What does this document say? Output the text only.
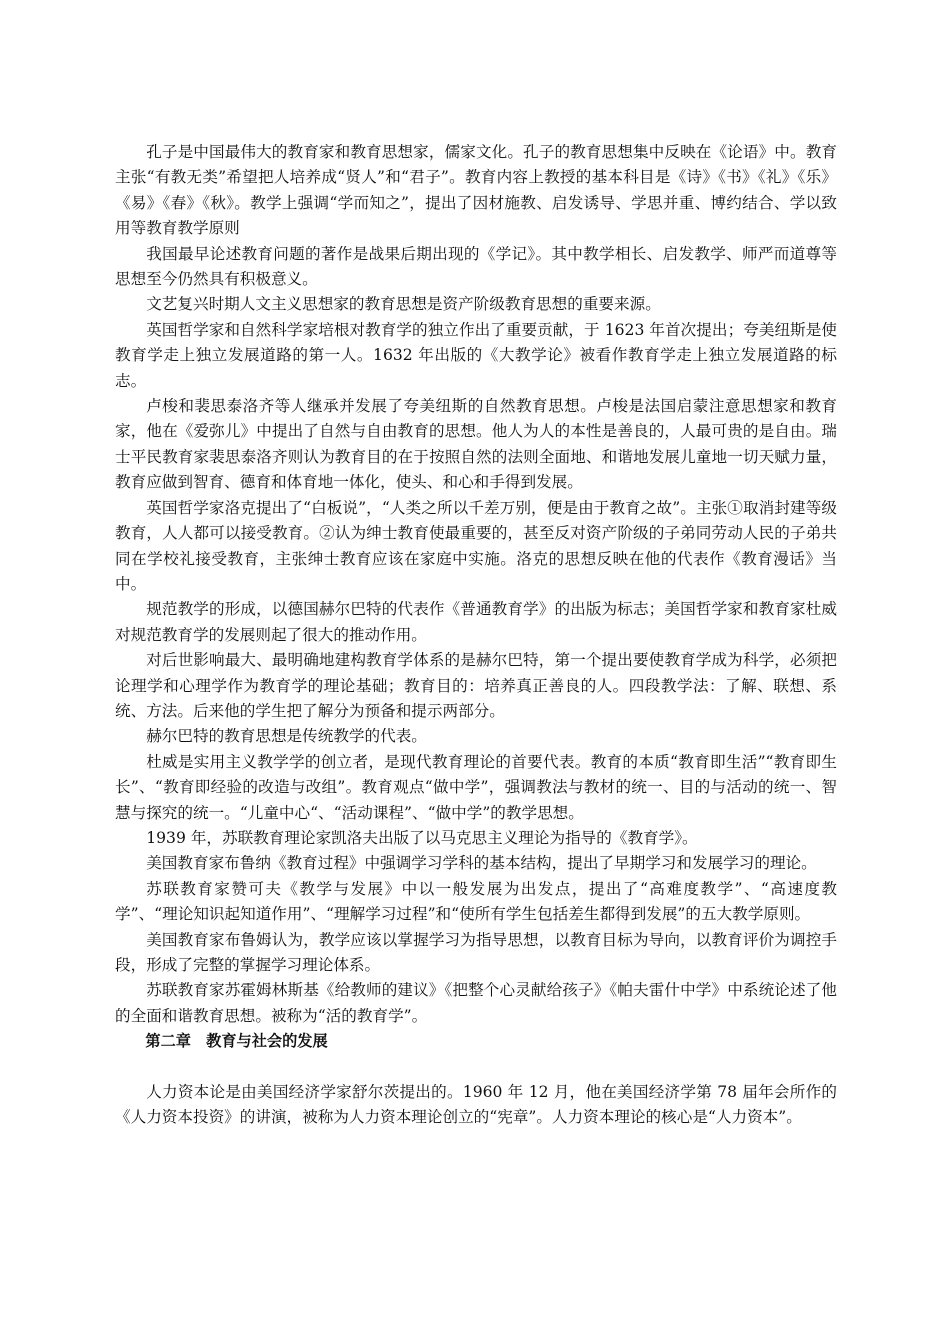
孔子是中国最伟大的教育家和教育思想家，儒家文化。孔子的教育思想集中反映在《论语》中。教育主张“有教无类”希望把人培养成“贤人”和“君子”。教育内容上教授的基本科目是《诗》《书》《礼》《乐》《易》《春》《秋》。教学上强调“学而知之”，提出了因材施教、启发诱导、学思并重、博约结合、学以致用等教育教学原则

我国最早论述教育问题的著作是战果后期出现的《学记》。其中教学相长、启发教学、师严而道尊等思想至今仍然具有积极意义。

文艺复兴时期人文主义思想家的教育思想是资产阶级教育思想的重要来源。

英国哲学家和自然科学家培根对教育学的独立作出了重要贡献，于 1623 年首次提出；夸美纽斯是使教育学走上独立发展道路的第一人。1632 年出版的《大教学论》被看作教育学走上独立发展道路的标志。

卢梭和裴思泰洛齐等人继承并发展了夸美纽斯的自然教育思想。卢梭是法国启蒙注意思想家和教育家，他在《爱弥儿》中提出了自然与自由教育的思想。他人为人的本性是善良的，人最可贵的是自由。瑞士平民教育家裴思泰洛齐则认为教育目的在于按照自然的法则全面地、和谐地发展儿童地一切天赋力量，教育应做到智育、德育和体育地一体化，使头、和心和手得到发展。

英国哲学家洛克提出了“白板说”，“人类之所以千差万别，便是由于教育之故”。主张①取消封建等级教育，人人都可以接受教育。②认为绅士教育使最重要的，甚至反对资产阶级的子弟同劳动人民的子弟共同在学校礼接受教育，主张绅士教育应该在家庭中实施。洛克的思想反映在他的代表作《教育漫话》当中。

规范教学的形成，以德国赫尔巴特的代表作《普通教育学》的出版为标志；美国哲学家和教育家杜威对规范教育学的发展则起了很大的推动作用。

对后世影响最大、最明确地建构教育学体系的是赫尔巴特，第一个提出要使教育学成为科学，必须把论理学和心理学作为教育学的理论基础；教育目的：培养真正善良的人。四段教学法：了解、联想、系统、方法。后来他的学生把了解分为预备和提示两部分。

赫尔巴特的教育思想是传统教学的代表。

杜威是实用主义教学学的创立者，是现代教育理论的首要代表。教育的本质“教育即生活”“教育即生长”、“教育即经验的改造与改组”。教育观点“做中学”，强调教法与教材的统一、目的与活动的统一、智慧与探究的统一。“儿童中心“、“活动课程”、“做中学”的教学思想。

1939 年，苏联教育理论家凯洛夫出版了以马克思主义理论为指导的《教育学》。

美国教育家布鲁纳《教育过程》中强调学习学科的基本结构，提出了早期学习和发展学习的理论。

苏联教育家赞可夫《教学与发展》中以一般发展为出发点，提出了“高难度教学”、“高速度教学”、“理论知识起知道作用”、“理解学习过程”和“使所有学生包括差生都得到发展”的五大教学原则。

美国教育家布鲁姆认为，教学应该以掌握学习为指导思想，以教育目标为导向，以教育评价为调控手段，形成了完整的掌握学习理论体系。

苏联教育家苏霍姆林斯基《给教师的建议》《把整个心灵献给孩子》《帕夫雷什中学》中系统论述了他的全面和谐教育思想。被称为“活的教育学”。

第二章　教育与社会的发展

人力资本论是由美国经济学家舒尔茨提出的。1960 年 12 月，他在美国经济学第 78 届年会所作的《人力资本投资》的讲演，被称为人力资本理论创立的“宪章”。人力资本理论的核心是“人力资本”。
